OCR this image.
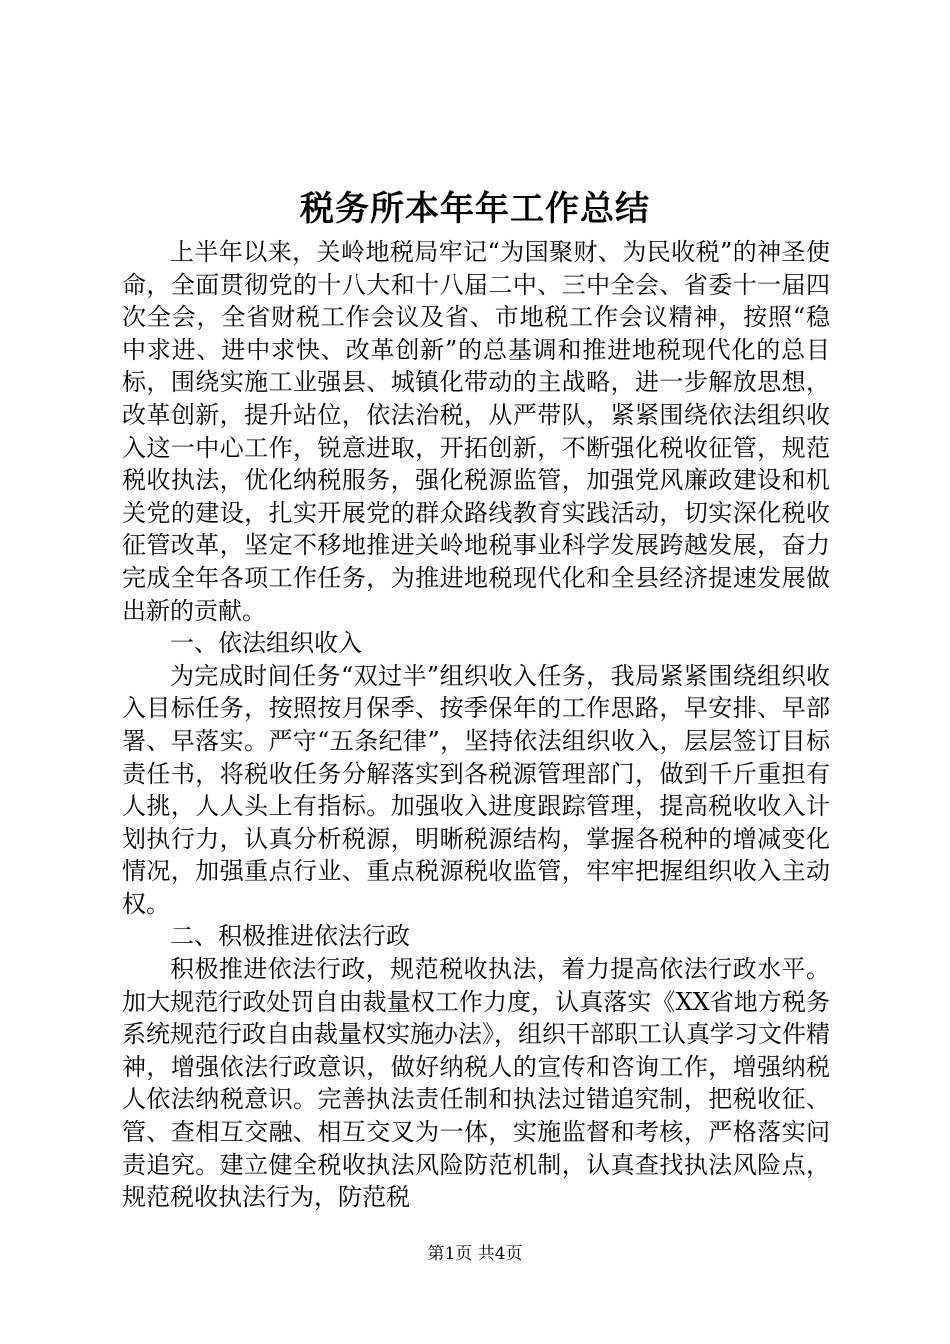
税务所本年年工作总结

上半年以来，关岭地税局牢记“为国聚财、为民收税”的神圣使命，全面贯彻党的十八大和十八届二中、三中全会、省委十一届四次全会，全省财税工作会议及省、市地税工作会议精神，按照“稳中求进、进中求快、改革创新”的总基调和推进地税现代化的总目标，围绕实施工业强县、城镇化带动的主战略，进一步解放思想，改革创新，提升站位，依法治税，从严带队，紧紧围绕依法组织收入这一中心工作，锐意进取，开拓创新，不断强化税收征管，规范税收执法，优化纳税服务，强化税源监管，加强党风廉政建设和机关党的建设，扎实开展党的群众路线教育实践活动，切实深化税收征管改革，坚定不移地推进关岭地税事业科学发展跨越发展，奋力完成全年各项工作任务，为推进地税现代化和全县经济提速发展做出新的贡献。

一、依法组织收入

为完成时间任务“双过半”组织收入任务，我局紧紧围绕组织收入目标任务，按照按月保季、按季保年的工作思路，早安排、早部署、早落实。严守“五条纪律”，坚持依法组织收入，层层签订目标责任书，将税收任务分解落实到各税源管理部门，做到千斤重担有人挑，人人头上有指标。加强收入进度跟踪管理，提高税收收入计划执行力，认真分析税源，明晰税源结构，掌握各税种的增减变化情况，加强重点行业、重点税源税收监管，牢牢把握组织收入主动权。

二、积极推进依法行政

积极推进依法行政，规范税收执法，着力提高依法行政水平。加大规范行政处罚自由裁量权工作力度，认真落实《XX省地方税务系统规范行政自由裁量权实施办法》，组织干部职工认真学习文件精神，增强依法行政意识，做好纳税人的宣传和咨询工作，增强纳税人依法纳税意识。完善执法责任制和执法过错追究制，把税收征、管、查相互交融、相互交叉为一体，实施监督和考核，严格落实问责追究。建立健全税收执法风险防范机制，认真查找执法风险点，规范税收执法行为，防范税

第1页 共4页
